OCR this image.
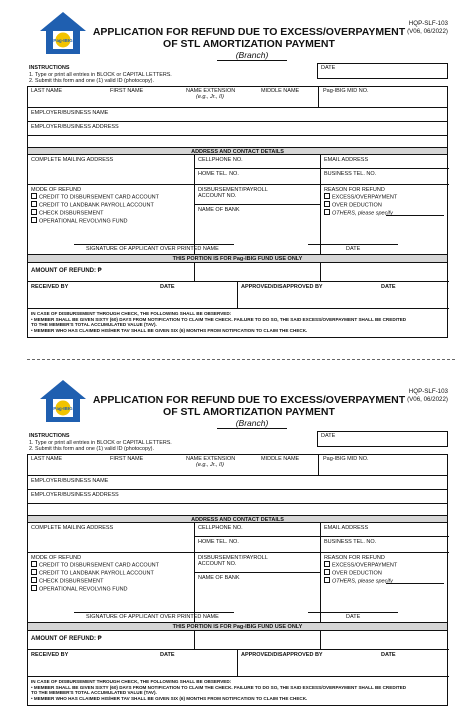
Pag-IBIG
APPLICATION FOR REFUND DUE TO EXCESS/OVERPAYMENT
OF STL AMORTIZATION PAYMENT
(Branch)
HQP-SLF-103
(V06, 06/2022)
DATE
INSTRUCTIONS
1. Type or print all entries in BLOCK or CAPITAL LETTERS.
2. Submit this form and one (1) valid ID (photocopy).
LAST NAME	FIRST NAME	NAME EXTENSION
(e.g., Jr., II)
MIDDLE NAME	Pag-IBIG MID NO.
EMPLOYER/BUSINESS NAME
EMPLOYER/BUSINESS ADDRESS
ADDRESS AND CONTACT DETAILS
COMPLETE MAILING ADDRESS	CELLPHONE NO.	EMAIL ADDRESS
HOME TEL. NO.	BUSINESS TEL. NO.
MODE OF REFUND
CREDIT TO DISBURSEMENT CARD ACCOUNT
CREDIT TO LANDBANK PAYROLL ACCOUNT
CHECK DISBURSEMENT
OPERATIONAL REVOLVING FUND
DISBURSEMENT/PAYROLL
ACCOUNT NO.
NAME OF BANK
REASON FOR REFUND
EXCESS/OVERPAYMENT
OVER DEDUCTION
OTHERS, please specify
SIGNATURE OF APPLICANT OVER PRINTED NAME	DATE
THIS PORTION IS FOR Pag-IBIG FUND USE ONLY
AMOUNT OF REFUND: ₱
RECEIVED BY	DATE	APPROVED/DISAPPROVED BY	DATE
IN CASE OF DISBURSEMENT THROUGH CHECK, THE FOLLOWING SHALL BE OBSERVED:
• MEMBER SHALL BE GIVEN SIXTY (60) DAYS FROM NOTIFICATION TO CLAIM THE CHECK. FAILURE TO DO SO, THE SAID EXCESS/OVERPAYMENT SHALL BE CREDITED
TO THE MEMBER'S TOTAL ACCUMULATED VALUE (TAV).
• MEMBER WHO HAS CLAIMED HIS/HER TAV SHALL BE GIVEN SIX (6) MONTHS FROM NOTIFICATION TO CLAIM THE CHECK.
Pag-IBIG
APPLICATION FOR REFUND DUE TO EXCESS/OVERPAYMENT
OF STL AMORTIZATION PAYMENT
(Branch)
HQP-SLF-103
(V06, 06/2022)
DATE
INSTRUCTIONS
1. Type or print all entries in BLOCK or CAPITAL LETTERS.
2. Submit this form and one (1) valid ID (photocopy).
LAST NAME	FIRST NAME	NAME EXTENSION
(e.g., Jr., II)
MIDDLE NAME	Pag-IBIG MID NO.
EMPLOYER/BUSINESS NAME
EMPLOYER/BUSINESS ADDRESS
ADDRESS AND CONTACT DETAILS
COMPLETE MAILING ADDRESS	CELLPHONE NO.	EMAIL ADDRESS
HOME TEL. NO.	BUSINESS TEL. NO.
MODE OF REFUND
CREDIT TO DISBURSEMENT CARD ACCOUNT
CREDIT TO LANDBANK PAYROLL ACCOUNT
CHECK DISBURSEMENT
OPERATIONAL REVOLVING FUND
DISBURSEMENT/PAYROLL
ACCOUNT NO.
NAME OF BANK
REASON FOR REFUND
EXCESS/OVERPAYMENT
OVER DEDUCTION
OTHERS, please specify
SIGNATURE OF APPLICANT OVER PRINTED NAME	DATE
THIS PORTION IS FOR Pag-IBIG FUND USE ONLY
AMOUNT OF REFUND: ₱
RECEIVED BY	DATE	APPROVED/DISAPPROVED BY	DATE
IN CASE OF DISBURSEMENT THROUGH CHECK, THE FOLLOWING SHALL BE OBSERVED:
• MEMBER SHALL BE GIVEN SIXTY (60) DAYS FROM NOTIFICATION TO CLAIM THE CHECK. FAILURE TO DO SO, THE SAID EXCESS/OVERPAYMENT SHALL BE CREDITED
TO THE MEMBER'S TOTAL ACCUMULATED VALUE (TAV).
• MEMBER WHO HAS CLAIMED HIS/HER TAV SHALL BE GIVEN SIX (6) MONTHS FROM NOTIFICATION TO CLAIM THE CHECK.
